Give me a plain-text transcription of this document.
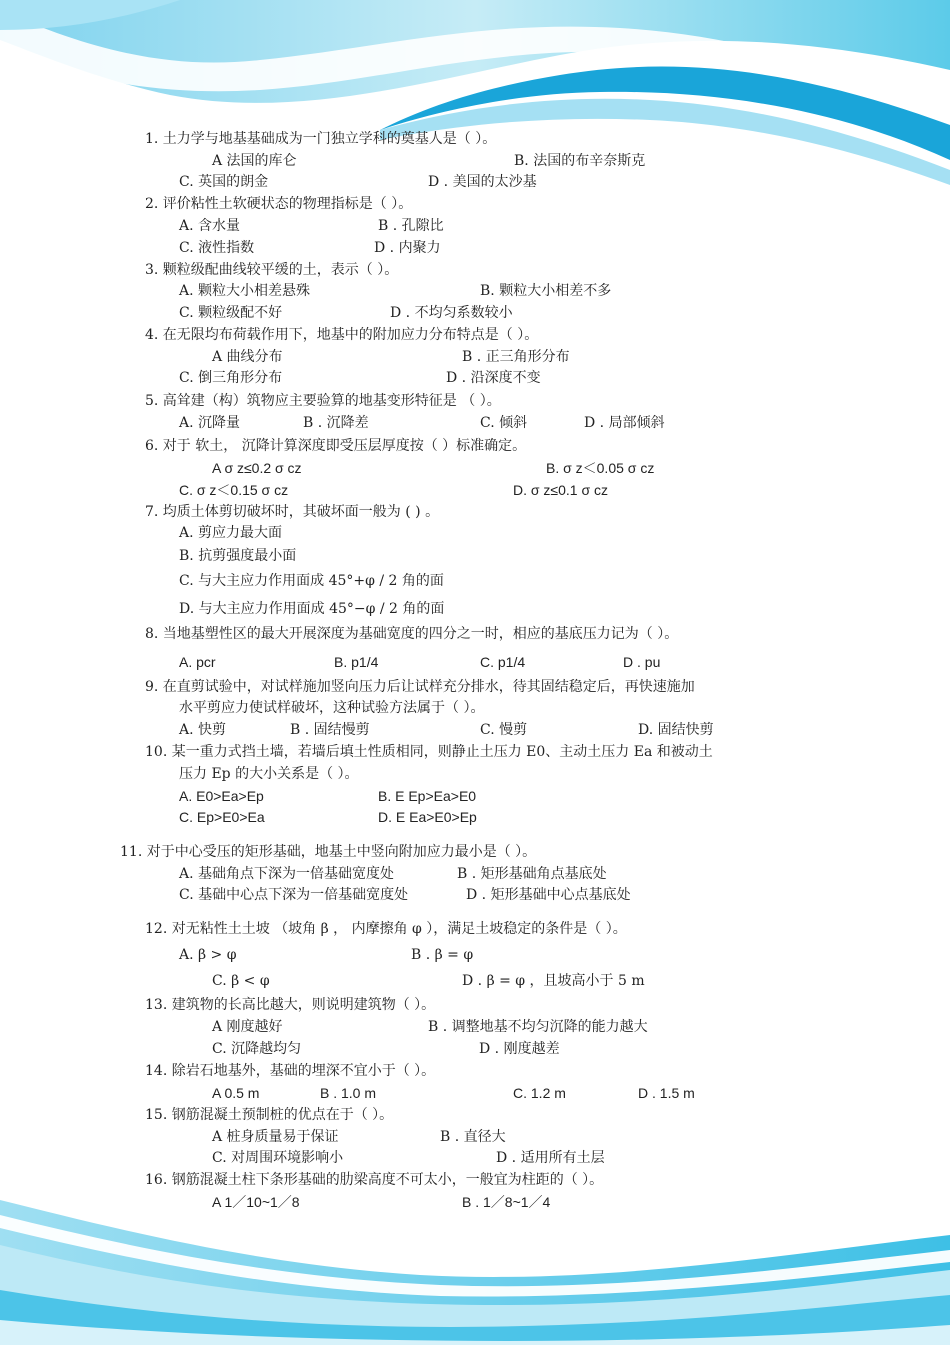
1. 土力学与地基基础成为一门独立学科的奠基人是（ ）。
A 法国的库仑	B. 法国的布辛奈斯克
C. 英国的朗金	D . 美国的太沙基
2. 评价粘性土软硬状态的物理指标是（ ）。
A. 含水量	B . 孔隙比
C. 液性指数	D . 内聚力
3. 颗粒级配曲线较平缓的土，表示（ ）。
A. 颗粒大小相差悬殊	B. 颗粒大小相差不多
C. 颗粒级配不好	D . 不均匀系数较小
4. 在无限均布荷载作用下，地基中的附加应力分布特点是（ ）。
A 曲线分布	B . 正三角形分布
C. 倒三角形分布	D . 沿深度不变
5. 高耸建（构）筑物应主要验算的地基变形特征是 （ ）。
A. 沉降量	B . 沉降差	C. 倾斜	D . 局部倾斜
6. 对于 软土， 沉降计算深度即受压层厚度按（ ）标准确定。
A σ z≤0.2 σ cz	B. σ z＜0.05 σ cz
C. σ z＜0.15 σ cz	D. σ z≤0.1 σ cz
7. 均质土体剪切破坏时，其破坏面一般为 ( ) 。
A. 剪应力最大面
B. 抗剪强度最小面
C. 与大主应力作用面成 45°+φ / 2 角的面
D. 与大主应力作用面成 45°−φ / 2 角的面
8. 当地基塑性区的最大开展深度为基础宽度的四分之一时，相应的基底压力记为（ ）。
A. pcr	B. p1/4	C. p1/4	D . pu
9. 在直剪试验中，对试样施加竖向压力后让试样充分排水，待其固结稳定后，再快速施加
水平剪应力使试样破坏，这种试验方法属于（ ）。
A. 快剪	B . 固结慢剪	C. 慢剪	D. 固结快剪
10. 某一重力式挡土墙，若墙后填土性质相同，则静止土压力 E0、主动土压力 Ea 和被动土
压力 Ep 的大小关系是（ ）。
A. E0>Ea>Ep	B. E Ep>Ea>E0
C. Ep>E0>Ea	D. E Ea>E0>Ep
11. 对于中心受压的矩形基础，地基土中竖向附加应力最小是（ ）。
A. 基础角点下深为一倍基础宽度处	B . 矩形基础角点基底处
C. 基础中心点下深为一倍基础宽度处	D . 矩形基础中心点基底处
12. 对无粘性土土坡 （坡角 β ， 内摩擦角 φ ），满足土坡稳定的条件是（ ）。
A. β > φ	B . β = φ
C. β < φ	D . β = φ ，且坡高小于 5 m
13. 建筑物的长高比越大，则说明建筑物（ ）。
A 刚度越好	B . 调整地基不均匀沉降的能力越大
C. 沉降越均匀	D . 刚度越差
14. 除岩石地基外，基础的埋深不宜小于（ ）。
A 0.5 m	B . 1.0 m	C. 1.2 m	D . 1.5 m
15. 钢筋混凝土预制桩的优点在于（ ）。
A 桩身质量易于保证	B . 直径大
C. 对周围环境影响小	D . 适用所有土层
16. 钢筋混凝土柱下条形基础的肋梁高度不可太小，一般宜为柱距的（ ）。
A 1／10~1／8	B . 1／8~1／4
